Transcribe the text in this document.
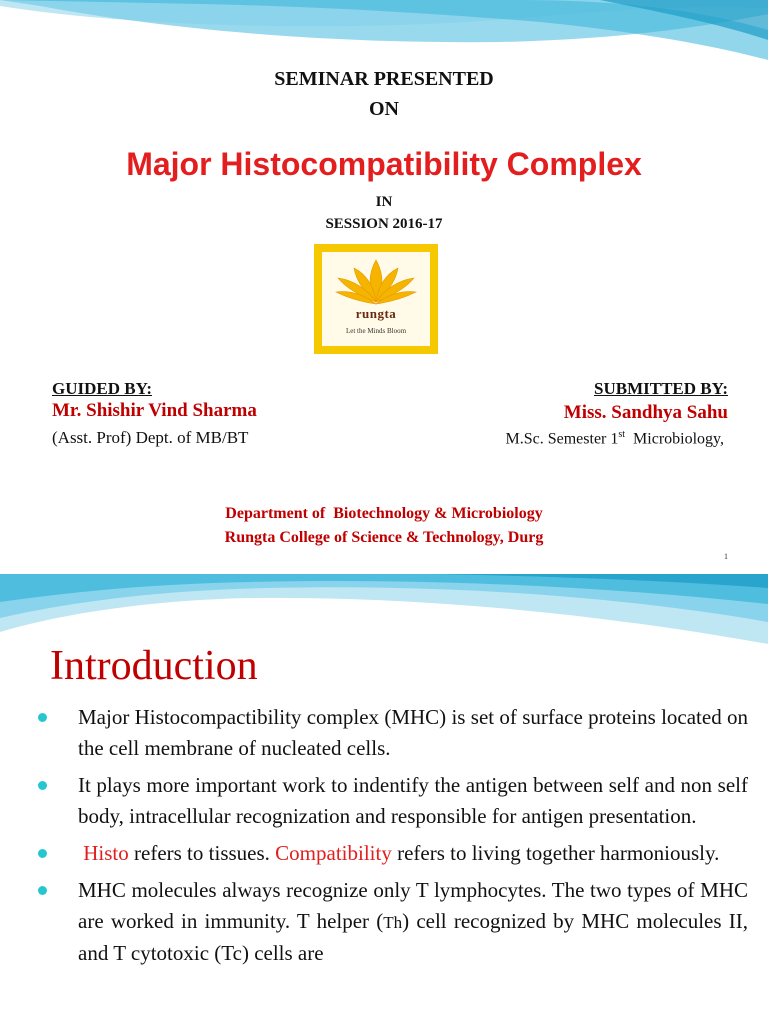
SEMINAR PRESENTED
ON
Major Histocompatibility Complex
IN
SESSION 2016-17
rungta
Let the Minds Bloom
GUIDED BY:
Mr. Shishir Vind Sharma
(Asst. Prof) Dept. of MB/BT
SUBMITTED BY:
Miss. Sandhya Sahu
M.Sc. Semester 1st  Microbiology,
Department of  Biotechnology & Microbiology
Rungta College of Science & Technology, Durg
1
Introduction
Major Histocompactibility complex (MHC) is set of surface proteins located on the cell membrane of nucleated cells.
It plays more important work to indentify the antigen between self and non self body, intracellular recognization and responsible for antigen presentation.
Histo refers to tissues. Compatibility refers to living together harmoniously.
MHC molecules always recognize only T lymphocytes. The two types of MHC are worked in immunity. T helper (Th) cell recognized by MHC molecules II, and T cytotoxic (Tc) cells are
